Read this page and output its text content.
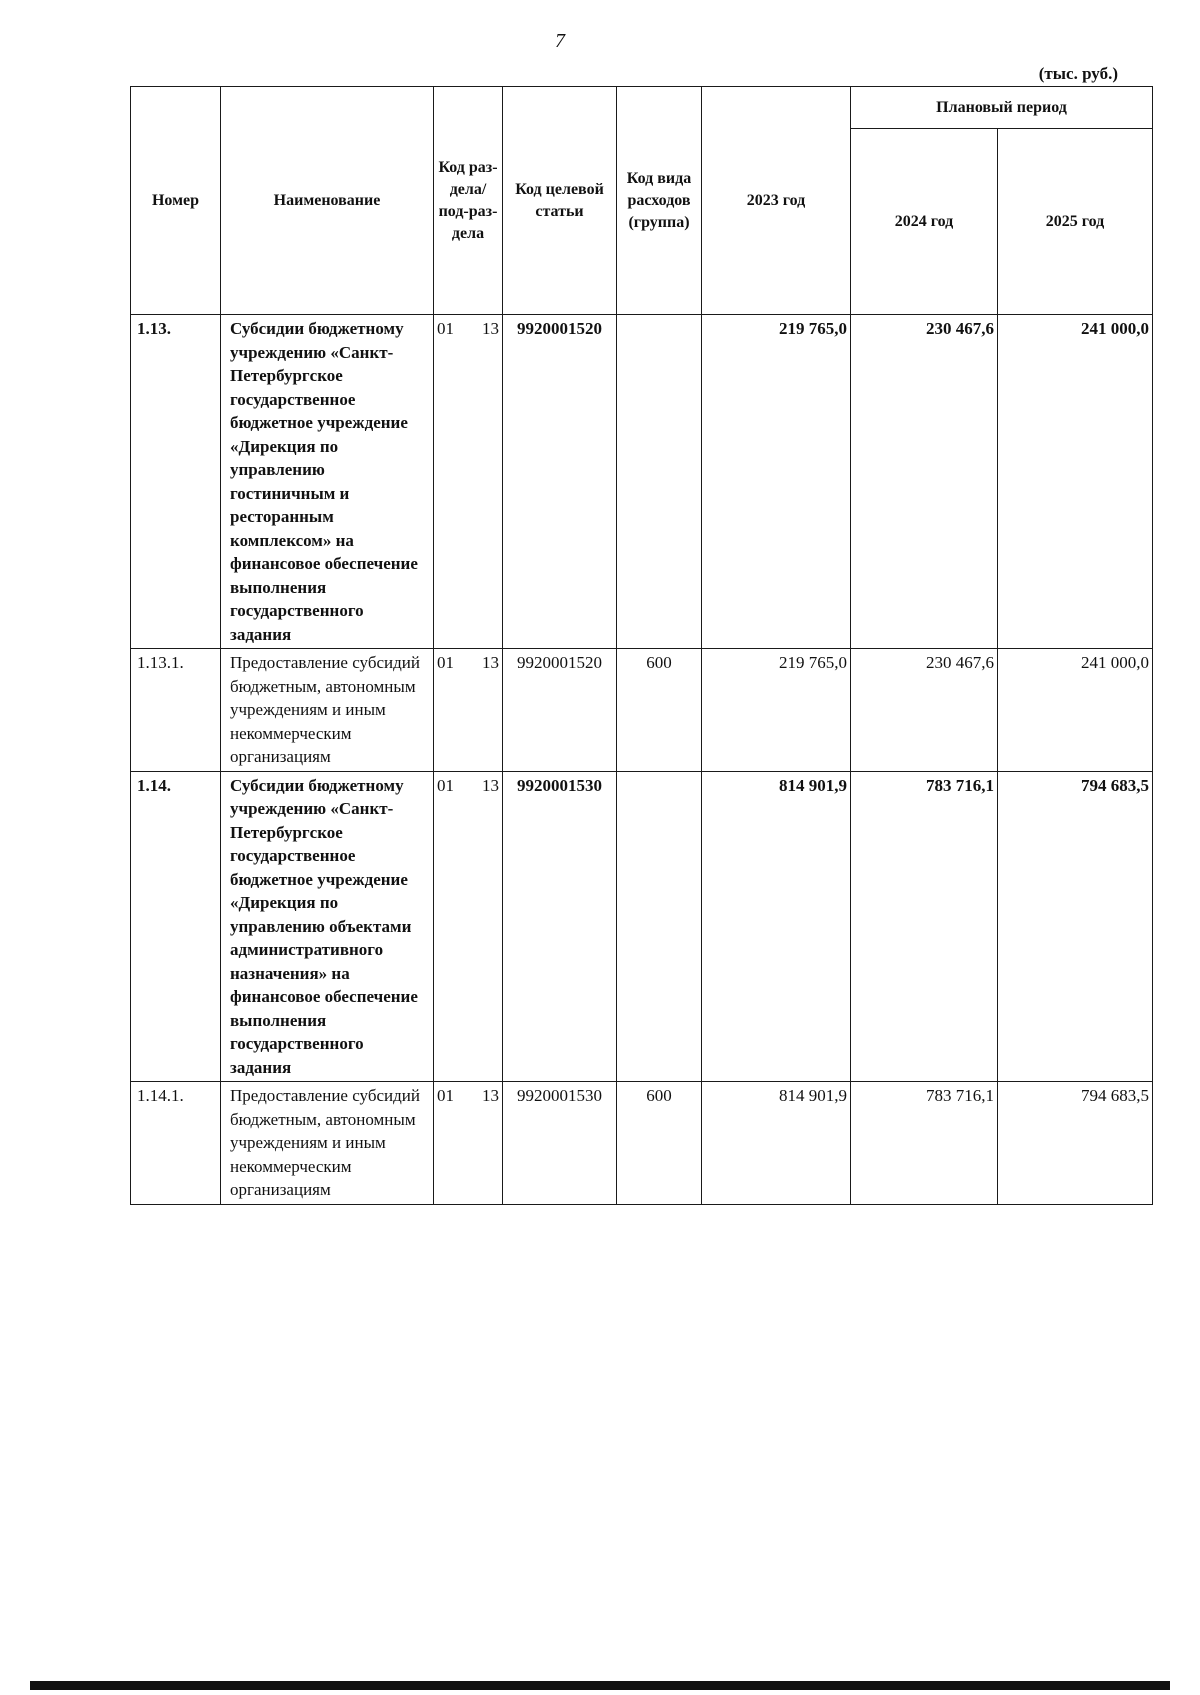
7
(тыс. руб.)
Номер	Наименование	Код раз-дела/ под-раз-дела	Код целевой статьи	Код вида расходов (группа)	2023 год	Плановый период	
						2024 год	2025 год
1.13.	Субсидии бюджетному учреждению «Санкт-Петербургское государственное бюджетное учреждение «Дирекция по управлению гостиничным и ресторанным комплексом» на финансовое обеспечение выполнения государственного задания	01 13	9920001520		219 765,0	230 467,6	241 000,0
1.13.1.	Предоставление субсидий бюджетным, автономным учреждениям и иным некоммерческим организациям	01 13	9920001520	600	219 765,0	230 467,6	241 000,0
1.14.	Субсидии бюджетному учреждению «Санкт-Петербургское государственное бюджетное учреждение «Дирекция по управлению объектами административного назначения» на финансовое обеспечение выполнения государственного задания	01 13	9920001530		814 901,9	783 716,1	794 683,5
1.14.1.	Предоставление субсидий бюджетным, автономным учреждениям и иным некоммерческим организациям	01 13	9920001530	600	814 901,9	783 716,1	794 683,5
